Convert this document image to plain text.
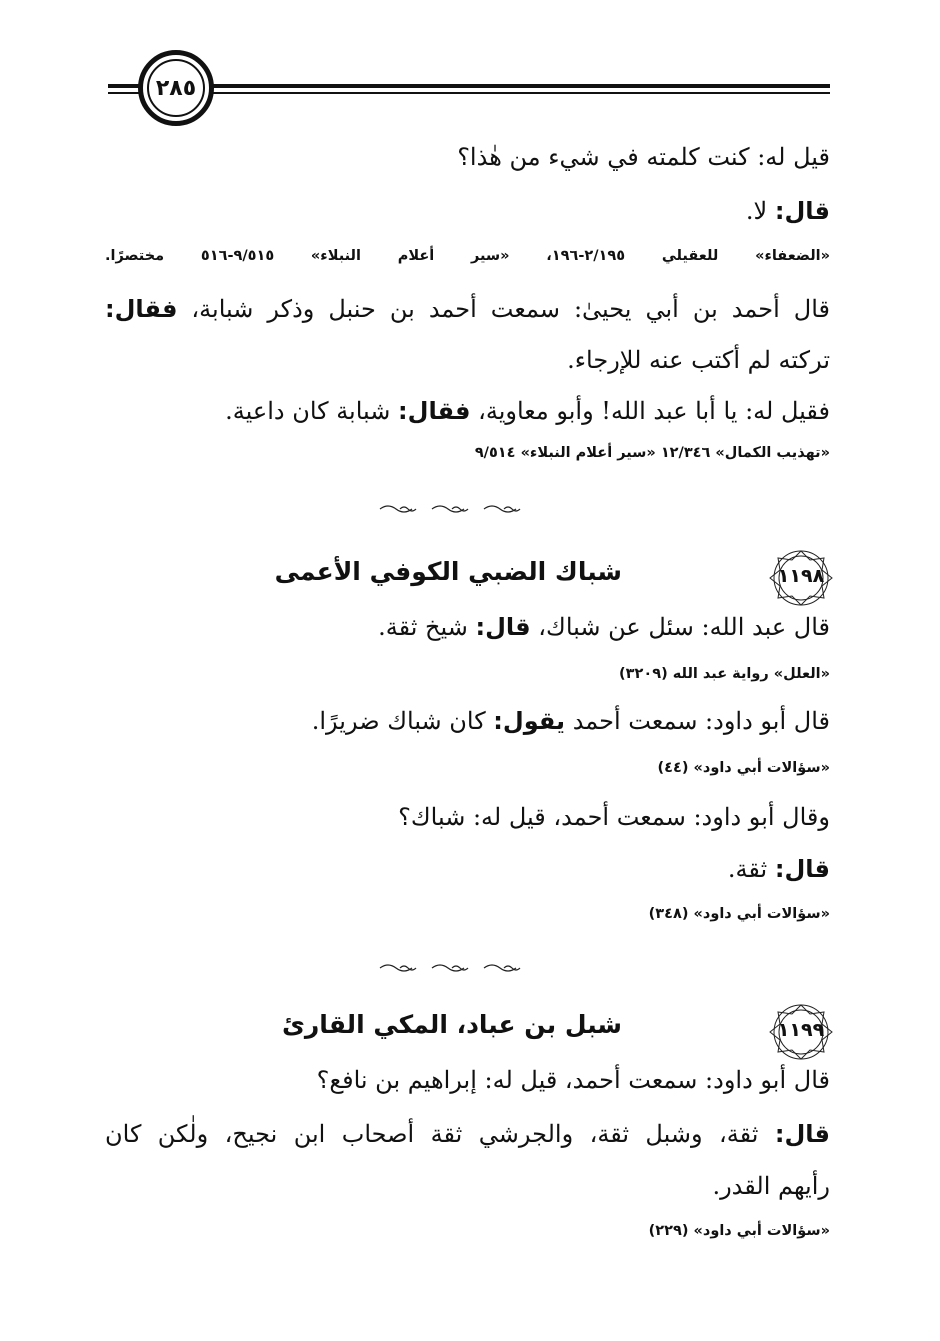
٢٨٥
قيل له: كنت كلمته في شيء من هٰذا؟
قال: لا.
«الضعفاء» للعقيلي ٢/١٩٥-١٩٦، «سير أعلام النبلاء» ٩/٥١٥-٥١٦ مختصرًا.
قال أحمد بن أبي يحيىٰ: سمعت أحمد بن حنبل وذكر شبابة، فقال:
تركته لم أكتب عنه للإرجاء.
فقيل له: يا أبا عبد الله! وأبو معاوية، فقال: شبابة كان داعية.
«تهذيب الكمال» ١٢/٣٤٦ «سير أعلام النبلاء» ٩/٥١٤
١١٩٨
شباك الضبي الكوفي الأعمى
قال عبد الله: سئل عن شباك، قال: شيخ ثقة.
«العلل» رواية عبد الله (٣٢٠٩)
قال أبو داود: سمعت أحمد يقول: كان شباك ضريرًا.
«سؤالات أبي داود» (٤٤)
وقال أبو داود: سمعت أحمد، قيل له: شباك؟
قال: ثقة.
«سؤالات أبي داود» (٣٤٨)
١١٩٩
شبل بن عباد، المكي القارئ
قال أبو داود: سمعت أحمد، قيل له: إبراهيم بن نافع؟
قال: ثقة، وشبل ثقة، والجرشي ثقة أصحاب ابن نجيح، ولٰكن كان
رأيهم القدر.
«سؤالات أبي داود» (٢٢٩)
